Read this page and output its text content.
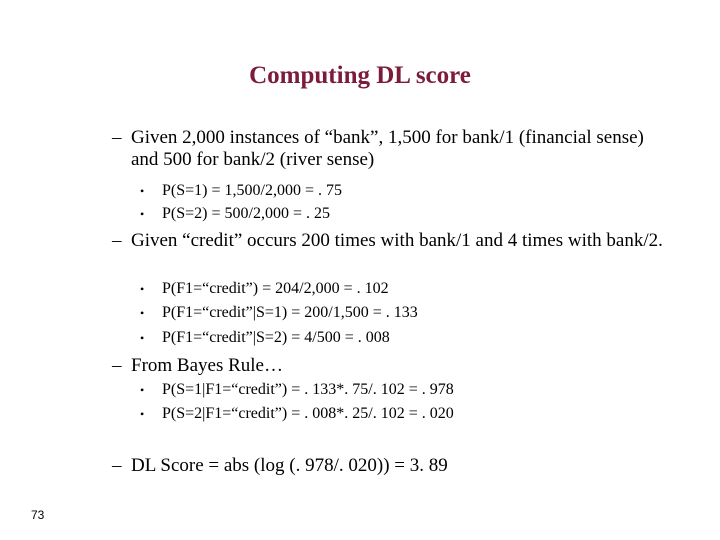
Computing DL score
– Given 2,000 instances of “bank”, 1,500 for bank/1 (financial sense) and 500 for bank/2 (river sense)
•	P(S=1) = 1,500/2,000 = . 75
•	P(S=2) = 500/2,000 = . 25
– Given “credit” occurs 200 times with bank/1 and 4 times with bank/2.
•	P(F1=“credit”) = 204/2,000 = . 102
•	P(F1=“credit”|S=1) = 200/1,500 = . 133
•	P(F1=“credit”|S=2) = 4/500 = . 008
– From Bayes Rule…
•	P(S=1|F1=“credit”) = . 133*. 75/. 102 = . 978
•	P(S=2|F1=“credit”) = . 008*. 25/. 102 = . 020
– DL Score = abs (log (. 978/. 020)) = 3. 89
73
